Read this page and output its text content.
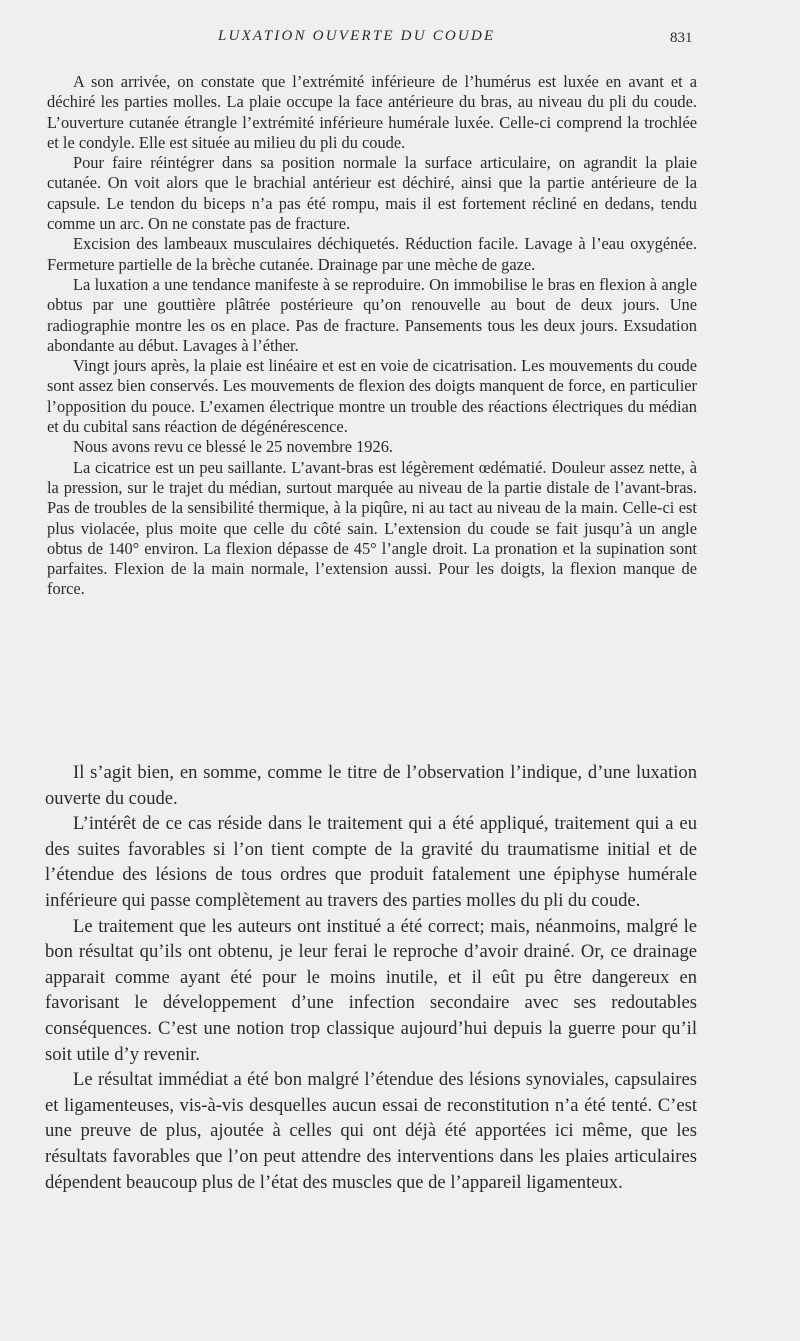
LUXATION OUVERTE DU COUDE	831

A son arrivée, on constate que l’extrémité inférieure de l’humérus est luxée en avant et a déchiré les parties molles. La plaie occupe la face antérieure du bras, au niveau du pli du coude. L’ouverture cutanée étrangle l’extrémité inférieure humérale luxée. Celle-ci comprend la trochlée et le condyle. Elle est située au milieu du pli du coude.

Pour faire réintégrer dans sa position normale la surface articulaire, on agrandit la plaie cutanée. On voit alors que le brachial antérieur est déchiré, ainsi que la partie antérieure de la capsule. Le tendon du biceps n’a pas été rompu, mais il est fortement récliné en dedans, tendu comme un arc. On ne constate pas de fracture.

Excision des lambeaux musculaires déchiquetés. Réduction facile. Lavage à l’eau oxygénée. Fermeture partielle de la brèche cutanée. Drainage par une mèche de gaze.

La luxation a une tendance manifeste à se reproduire. On immobilise le bras en flexion à angle obtus par une gouttière plâtrée postérieure qu’on renouvelle au bout de deux jours. Une radiographie montre les os en place. Pas de fracture. Pansements tous les deux jours. Exsudation abondante au début. Lavages à l’éther.

Vingt jours après, la plaie est linéaire et est en voie de cicatrisation. Les mouvements du coude sont assez bien conservés. Les mouvements de flexion des doigts manquent de force, en particulier l’opposition du pouce. L’examen électrique montre un trouble des réactions électriques du médian et du cubital sans réaction de dégénérescence.

Nous avons revu ce blessé le 25 novembre 1926.

La cicatrice est un peu saillante. L’avant-bras est légèrement œdématié. Douleur assez nette, à la pression, sur le trajet du médian, surtout marquée au niveau de la partie distale de l’avant-bras. Pas de troubles de la sensibilité thermique, à la piqûre, ni au tact au niveau de la main. Celle-ci est plus violacée, plus moite que celle du côté sain. L’extension du coude se fait jusqu’à un angle obtus de 140° environ. La flexion dépasse de 45° l’angle droit. La pronation et la supination sont parfaites. Flexion de la main normale, l’extension aussi. Pour les doigts, la flexion manque de force.

Il s’agit bien, en somme, comme le titre de l’observation l’indique, d’une luxation ouverte du coude.

L’intérêt de ce cas réside dans le traitement qui a été appliqué, traitement qui a eu des suites favorables si l’on tient compte de la gravité du traumatisme initial et de l’étendue des lésions de tous ordres que produit fatalement une épiphyse humérale inférieure qui passe complètement au travers des parties molles du pli du coude.

Le traitement que les auteurs ont institué a été correct; mais, néanmoins, malgré le bon résultat qu’ils ont obtenu, je leur ferai le reproche d’avoir drainé. Or, ce drainage apparait comme ayant été pour le moins inutile, et il eût pu être dangereux en favorisant le développement d’une infection secondaire avec ses redoutables conséquences. C’est une notion trop classique aujourd’hui depuis la guerre pour qu’il soit utile d’y revenir.

Le résultat immédiat a été bon malgré l’étendue des lésions synoviales, capsulaires et ligamenteuses, vis-à-vis desquelles aucun essai de reconstitution n’a été tenté. C’est une preuve de plus, ajoutée à celles qui ont déjà été apportées ici même, que les résultats favorables que l’on peut attendre des interventions dans les plaies articulaires dépendent beaucoup plus de l’état des muscles que de l’appareil ligamenteux.
